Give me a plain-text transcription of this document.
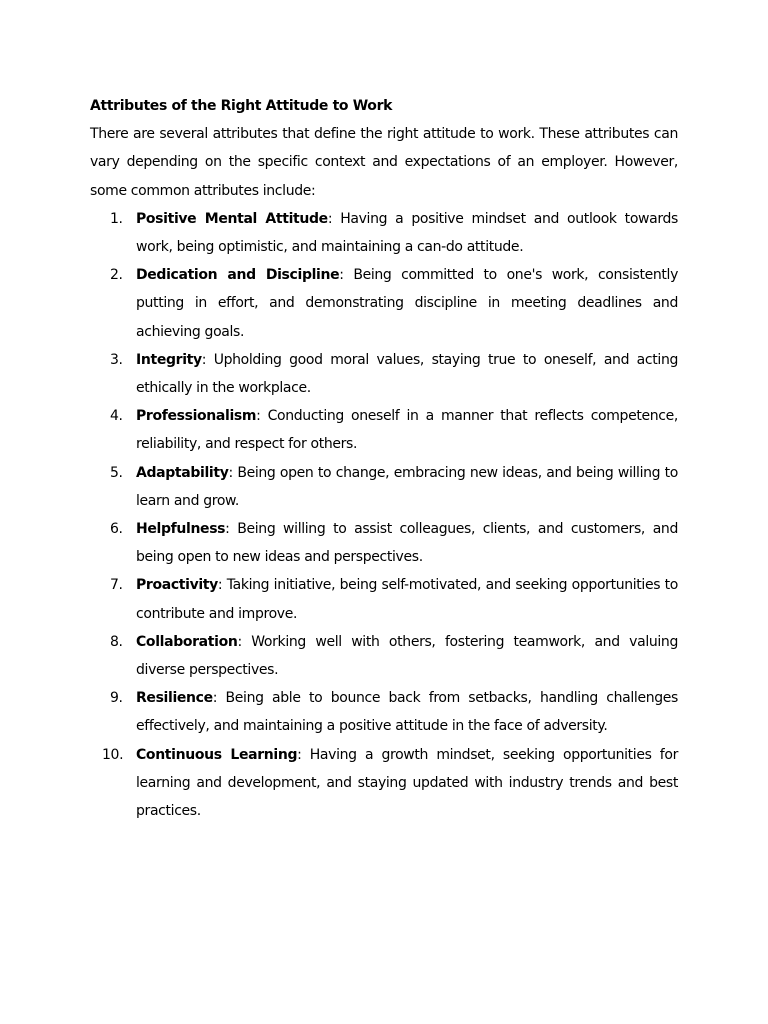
Attributes of the Right Attitude to Work

There are several attributes that define the right attitude to work. These attributes can vary depending on the specific context and expectations of an employer. However, some common attributes include:

1. Positive Mental Attitude: Having a positive mindset and outlook towards work, being optimistic, and maintaining a can-do attitude.
2. Dedication and Discipline: Being committed to one's work, consistently putting in effort, and demonstrating discipline in meeting deadlines and achieving goals.
3. Integrity: Upholding good moral values, staying true to oneself, and acting ethically in the workplace.
4. Professionalism: Conducting oneself in a manner that reflects competence, reliability, and respect for others.
5. Adaptability: Being open to change, embracing new ideas, and being willing to learn and grow.
6. Helpfulness: Being willing to assist colleagues, clients, and customers, and being open to new ideas and perspectives.
7. Proactivity: Taking initiative, being self-motivated, and seeking opportunities to contribute and improve.
8. Collaboration: Working well with others, fostering teamwork, and valuing diverse perspectives.
9. Resilience: Being able to bounce back from setbacks, handling challenges effectively, and maintaining a positive attitude in the face of adversity.
10. Continuous Learning: Having a growth mindset, seeking opportunities for learning and development, and staying updated with industry trends and best practices.
